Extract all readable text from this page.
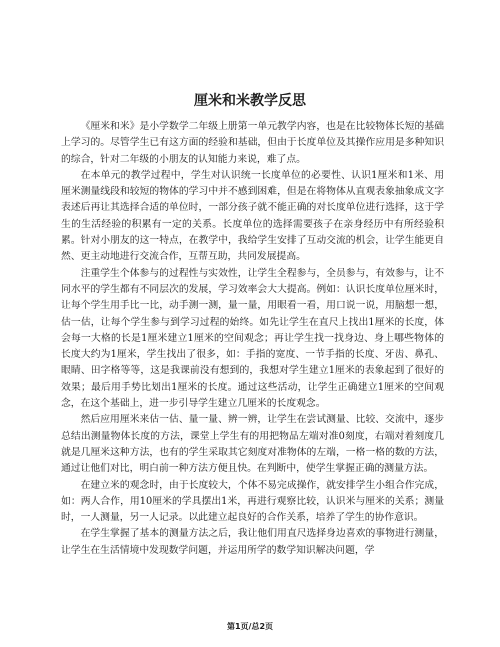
厘米和米教学反思

《厘米和米》是小学数学二年级上册第一单元教学内容，也是在比较物体长短的基础上学习的。尽管学生已有这方面的经验和基础，但由于长度单位及其操作应用是多种知识的综合，针对二年级的小朋友的认知能力来说，难了点。

在本单元的教学过程中，学生对认识统一长度单位的必要性、认识1厘米和1米、用厘米测量线段和较短的物体的学习中并不感到困难，但是在将物体从直观表象抽象成文字表述后再让其选择合适的单位时，一部分孩子就不能正确的对长度单位进行选择，这于学生的生活经验的积累有一定的关系。长度单位的选择需要孩子在亲身经历中有所经验积累。针对小朋友的这一特点，在教学中，我给学生安排了互动交流的机会，让学生能更自然、更主动地进行交流合作，互帮互助，共同发展提高。

注重学生个体参与的过程性与实效性，让学生全程参与，全员参与，有效参与，让不同水平的学生都有不同层次的发展，学习效率会大大提高。例如：认识长度单位厘米时，让每个学生用手比一比，动手测一测，量一量，用眼看一看，用口说一说，用脑想一想，估一估，让每个学生参与到学习过程的始终。如先让学生在直尺上找出1厘米的长度，体会每一大格的长是1厘米建立1厘米的空间观念；再让学生找一找身边、身上哪些物体的长度大约为1厘米，学生找出了很多，如：手指的宽度、一节手指的长度、牙齿、鼻孔、眼睛、田字格等等，这是我课前没有想到的，我想对学生建立1厘米的表象起到了很好的效果；最后用手势比划出1厘米的长度。通过这些活动，让学生正确建立1厘米的空间观念，在这个基础上，进一步引导学生建立几厘米的长度观念。

然后应用厘米来估一估、量一量、辨一辨，让学生在尝试测量、比较、交流中，逐步总结出测量物体长度的方法，课堂上学生有的用把物品左端对准0刻度，右端对着刻度几就是几厘米这种方法，也有的学生采取其它刻度对准物体的左端，一格一格的数的方法，通过让他们对比，明白前一种方法方便且快。在判断中，使学生掌握正确的测量方法。

在建立米的观念时，由于长度较大，个体不易完成操作，就安排学生小组合作完成，如：两人合作，用10厘米的学具摆出1米，再进行观察比较，认识米与厘米的关系；测量时，一人测量，另一人记录。以此建立起良好的合作关系，培养了学生的协作意识。

在学生掌握了基本的测量方法之后，我让他们用直尺选择身边喜欢的事物进行测量，让学生在生活情境中发现数学问题，并运用所学的数学知识解决问题，学

第1页/总2页
